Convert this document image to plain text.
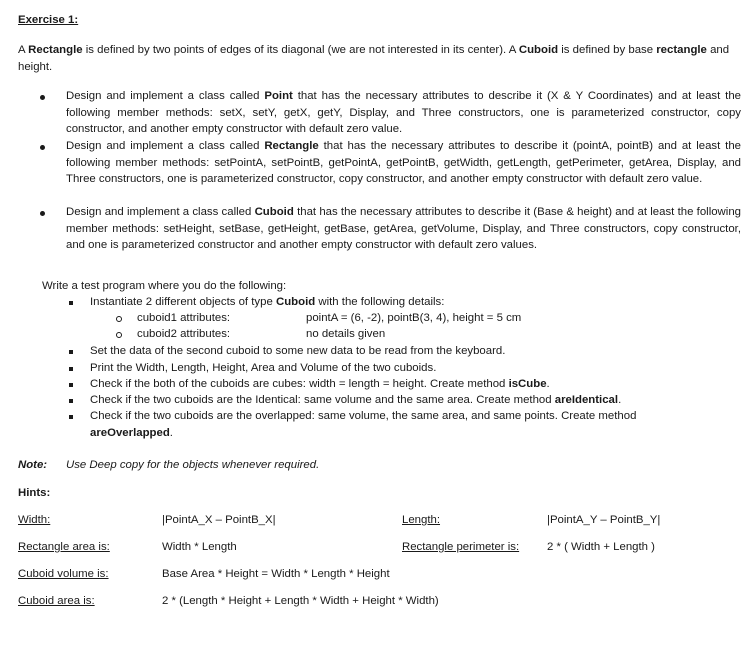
Exercise 1:
A Rectangle is defined by two points of edges of its diagonal (we are not interested in its center). A Cuboid is defined by base rectangle and height.
Design and implement a class called Point that has the necessary attributes to describe it (X & Y Coordinates) and at least the following member methods: setX, setY, getX, getY, Display, and Three constructors, one is parameterized constructor, copy constructor, and another empty constructor with default zero value.
Design and implement a class called Rectangle that has the necessary attributes to describe it (pointA, pointB) and at least the following member methods: setPointA, setPointB, getPointA, getPointB, getWidth, getLength, getPerimeter, getArea, Display, and Three constructors, one is parameterized constructor, copy constructor, and another empty constructor with default zero value.
Design and implement a class called Cuboid that has the necessary attributes to describe it (Base & height) and at least the following member methods: setHeight, setBase, getHeight, getBase, getArea, getVolume, Display, and Three constructors, copy constructor, and one is parameterized constructor and another empty constructor with default zero values.
Write a test program where you do the following:
Instantiate 2 different objects of type Cuboid with the following details:
cuboid1 attributes:	pointA = (6, -2), pointB(3, 4), height = 5 cm
cuboid2 attributes:	no details given
Set the data of the second cuboid to some new data to be read from the keyboard.
Print the Width, Length, Height, Area and Volume of the two cuboids.
Check if the both of the cuboids are cubes: width = length = height. Create method isCube.
Check if the two cuboids are the Identical: same volume and the same area. Create method areIdentical.
Check if the two cuboids are the overlapped: same volume, the same area, and same points. Create method
areOverlapped.
Note: Use Deep copy for the objects whenever required.
Hints:
Width:	|PointA_X – PointB_X|	Length:	|PointA_Y – PointB_Y|
Rectangle area is:	Width * Length	Rectangle perimeter is: 2 * ( Width + Length )
Cuboid volume is:	Base Area * Height = Width * Length * Height
Cuboid area is:	2 * (Length * Height + Length * Width + Height * Width)
